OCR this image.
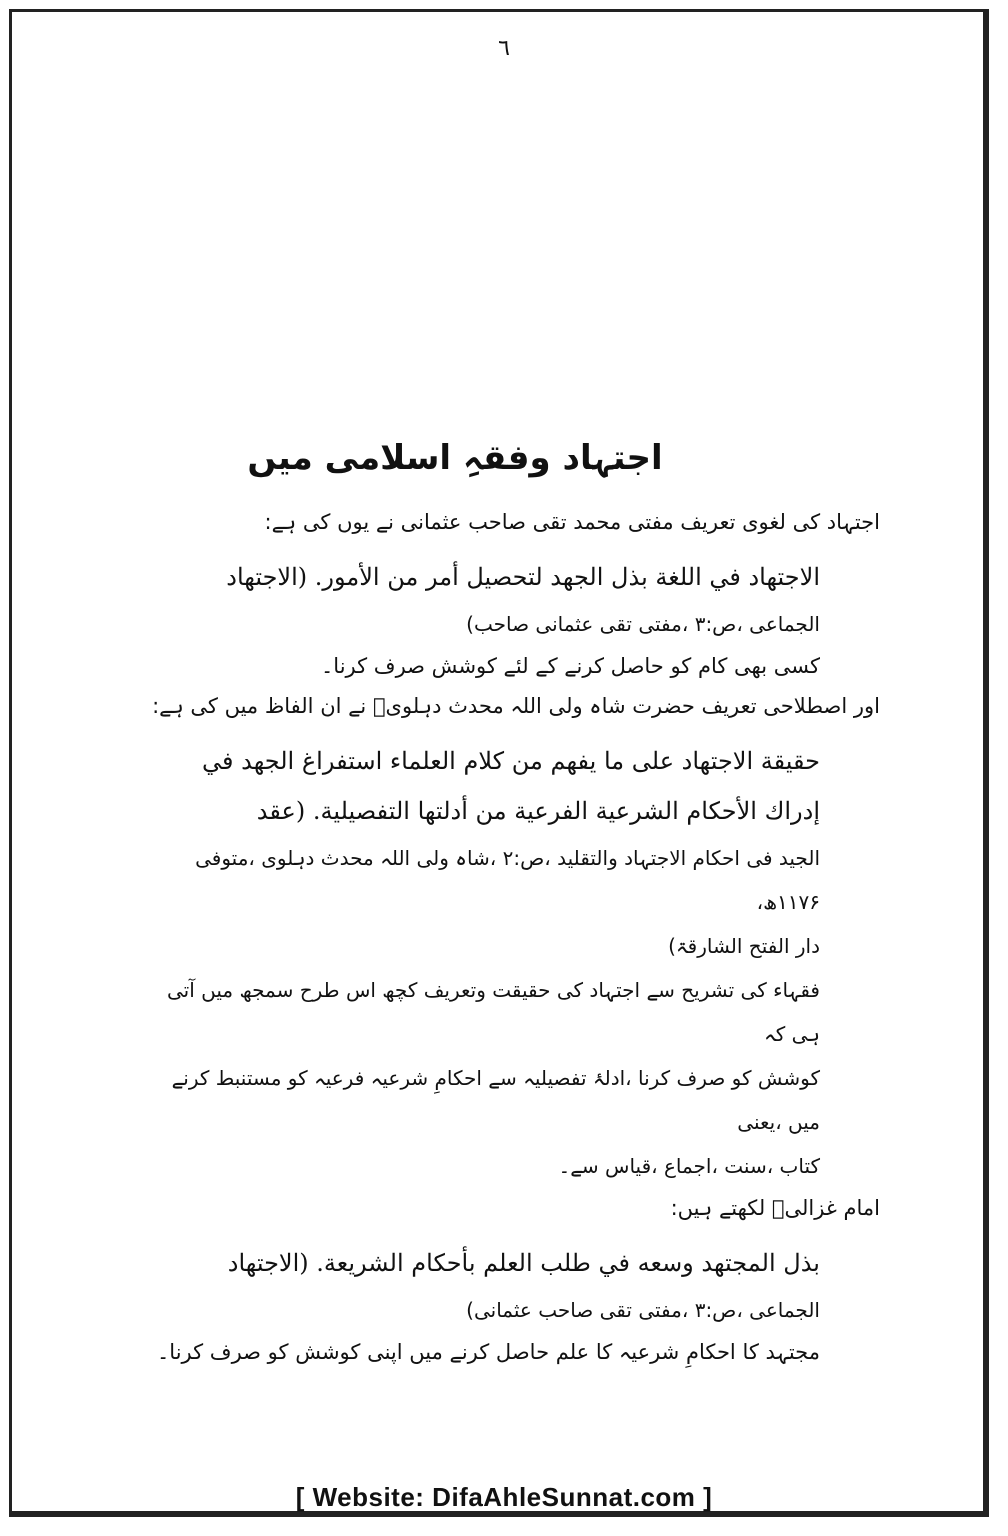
٦
اجتہاد وفقہِ اسلامی میں

اجتہاد کی لغوی تعریف مفتی محمد تقی صاحب عثمانی نے یوں کی ہے:

الاجتهاد في اللغة بذل الجهد لتحصيل أمر من الأمور. (الاجتهاد

الجماعی ،ص:۳ ،مفتی تقی عثمانی صاحب)

کسی بھی کام کو حاصل کرنے کے لئے کوشش صرف کرنا۔

اور اصطلاحی تعریف حضرت شاہ ولی اللہ محدث دہلویؒ نے ان الفاظ میں کی ہے:

حقيقة الاجتهاد على ما يفهم من كلام العلماء استفراغ الجهد في

إدراك الأحكام الشرعية الفرعية من أدلتها التفصيلية. (عقد

الجید فی احکام الاجتہاد والتقلید ،ص:۲ ،شاہ ولی اللہ محدث دہلوی ،متوفی ۱۱۷۶ھ،

دار الفتح الشارقۃ)

فقہاء کی تشریح سے اجتہاد کی حقیقت وتعریف کچھ اس طرح سمجھ میں آتی ہی کہ

کوشش کو صرف کرنا ،ادلۂ تفصیلیہ سے احکامِ شرعیہ فرعیہ کو مستنبط کرنے میں ،یعنی

کتاب ،سنت ،اجماع ،قیاس سے۔

امام غزالیؒ لکھتے ہیں:

بذل المجتهد وسعه في طلب العلم بأحكام الشريعة. (الاجتهاد

الجماعی ،ص:۳ ،مفتی تقی صاحب عثمانی)

مجتہد کا احکامِ شرعیہ کا علم حاصل کرنے میں اپنی کوشش کو صرف کرنا۔

[ Website: DifaAhleSunnat.com ]
